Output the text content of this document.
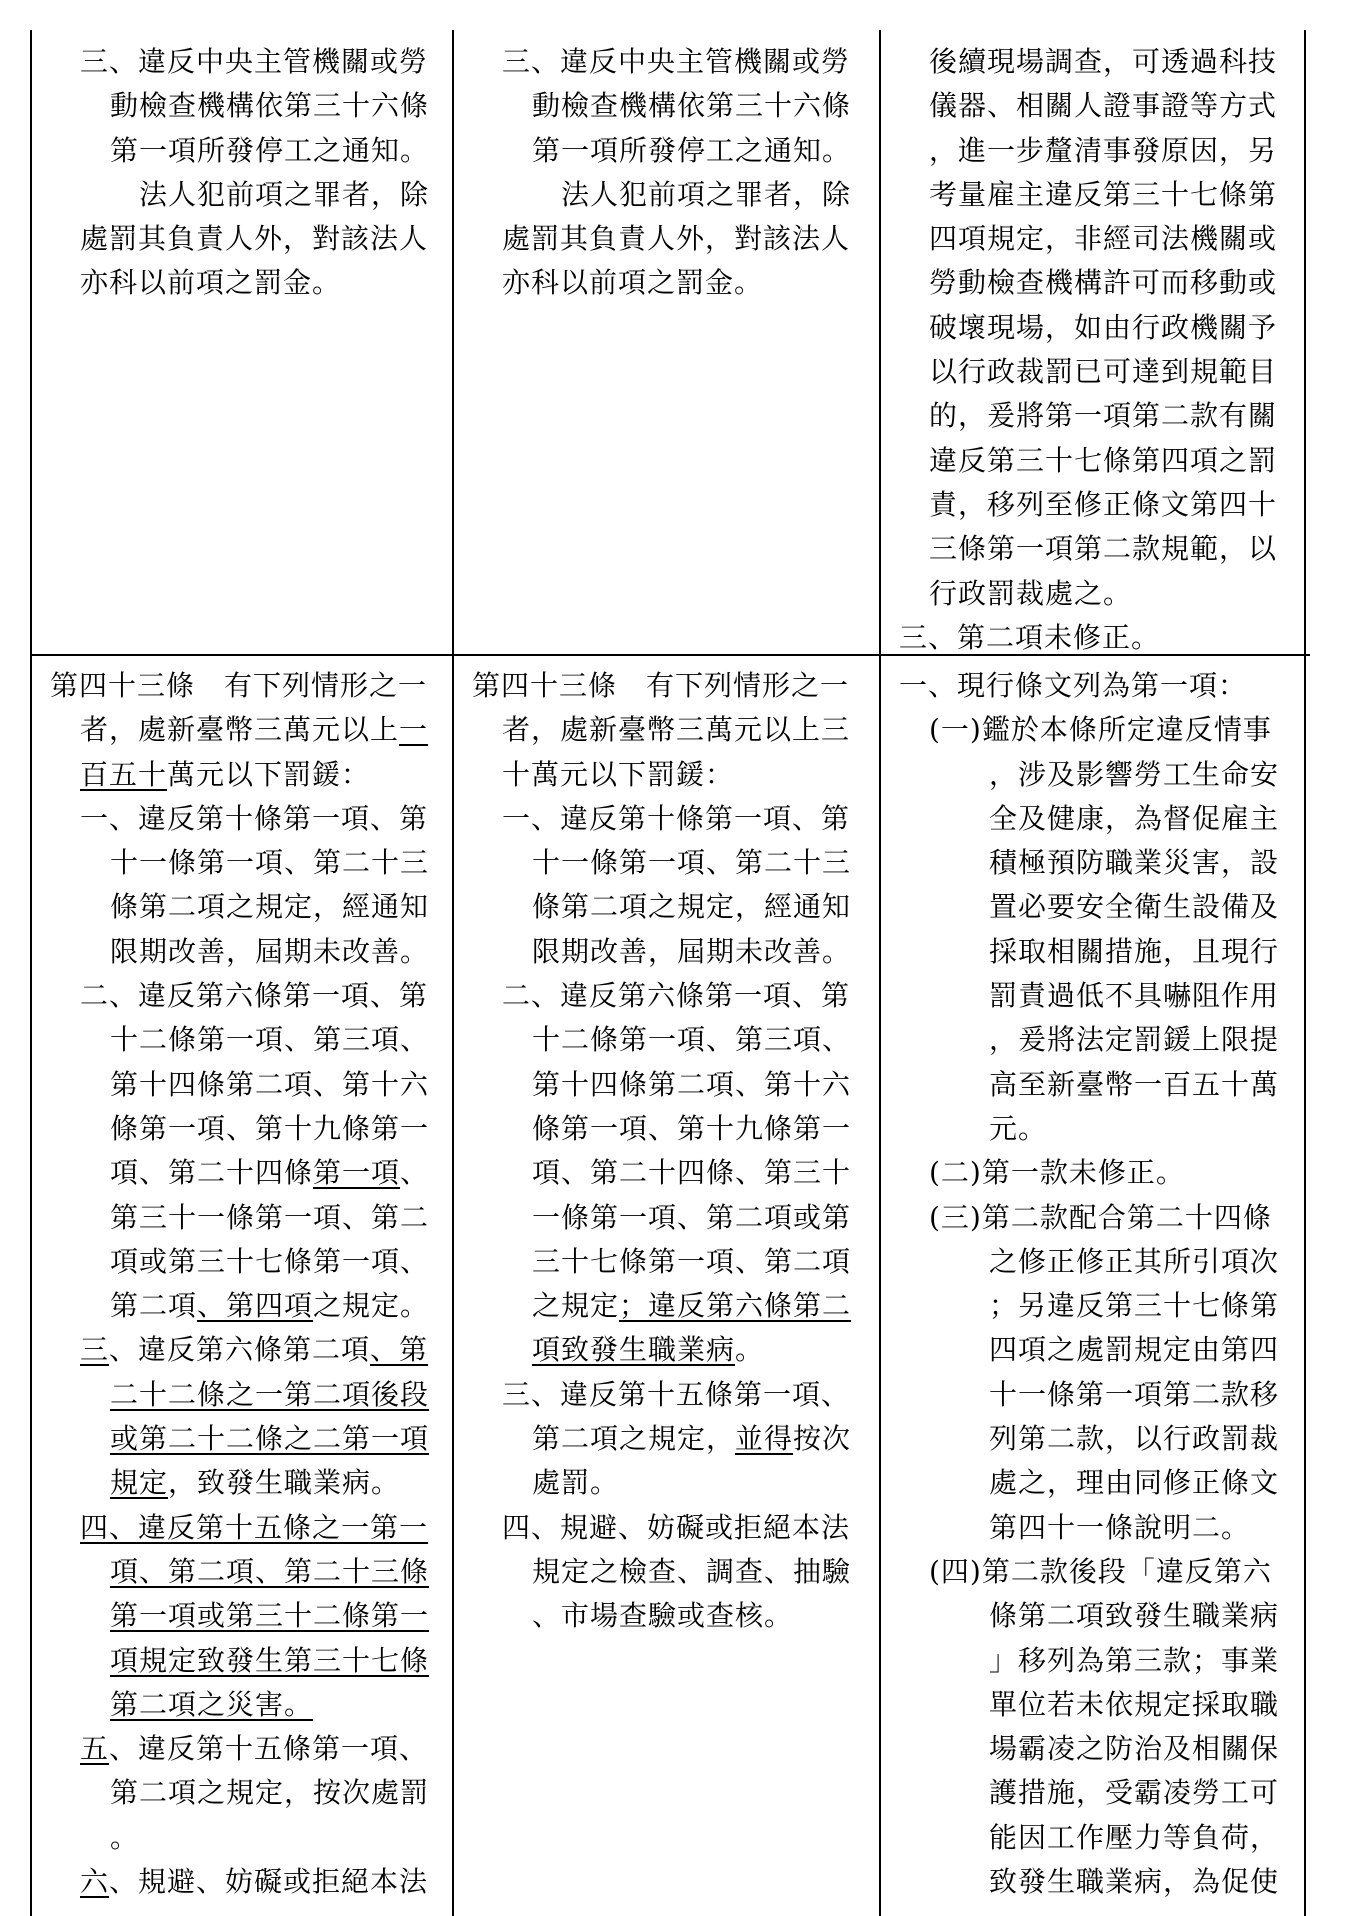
三、違反中央主管機關或勞
動檢查機構依第三十六條
第一項所發停工之通知。
　法人犯前項之罪者，除
處罰其負責人外，對該法人
亦科以前項之罰金。
三、違反中央主管機關或勞
動檢查機構依第三十六條
第一項所發停工之通知。
　法人犯前項之罪者，除
處罰其負責人外，對該法人
亦科以前項之罰金。
後續現場調查，可透過科技
儀器、相關人證事證等方式
，進一步釐清事發原因，另
考量雇主違反第三十七條第
四項規定，非經司法機關或
勞動檢查機構許可而移動或
破壞現場，如由行政機關予
以行政裁罰已可達到規範目
的，爰將第一項第二款有關
違反第三十七條第四項之罰
責，移列至修正條文第四十
三條第一項第二款規範，以
行政罰裁處之。
三、第二項未修正。
第四十三條　有下列情形之一
者，處新臺幣三萬元以上一
百五十萬元以下罰鍰：
一、違反第十條第一項、第
十一條第一項、第二十三
條第二項之規定，經通知
限期改善，屆期未改善。
二、違反第六條第一項、第
十二條第一項、第三項、
第十四條第二項、第十六
條第一項、第十九條第一
項、第二十四條第一項、
第三十一條第一項、第二
項或第三十七條第一項、
第二項、第四項之規定。
三、違反第六條第二項、第
二十二條之一第二項後段
或第二十二條之二第一項
規定，致發生職業病。
四、違反第十五條之一第一
項、第二項、第二十三條
第一項或第三十二條第一
項規定致發生第三十七條
第二項之災害。
五、違反第十五條第一項、
第二項之規定，按次處罰
。
六、規避、妨礙或拒絕本法
第四十三條　有下列情形之一
者，處新臺幣三萬元以上三
十萬元以下罰鍰：
一、違反第十條第一項、第
十一條第一項、第二十三
條第二項之規定，經通知
限期改善，屆期未改善。
二、違反第六條第一項、第
十二條第一項、第三項、
第十四條第二項、第十六
條第一項、第十九條第一
項、第二十四條、第三十
一條第一項、第二項或第
三十七條第一項、第二項
之規定；違反第六條第二
項致發生職業病。
三、違反第十五條第一項、
第二項之規定，並得按次
處罰。
四、規避、妨礙或拒絕本法
規定之檢查、調查、抽驗
、市場查驗或查核。
一、現行條文列為第一項：
(一)鑑於本條所定違反情事
，涉及影響勞工生命安
全及健康，為督促雇主
積極預防職業災害，設
置必要安全衛生設備及
採取相關措施，且現行
罰責過低不具嚇阻作用
，爰將法定罰鍰上限提
高至新臺幣一百五十萬
元。
(二)第一款未修正。
(三)第二款配合第二十四條
之修正修正其所引項次
；另違反第三十七條第
四項之處罰規定由第四
十一條第一項第二款移
列第二款，以行政罰裁
處之，理由同修正條文
第四十一條說明二。
(四)第二款後段「違反第六
條第二項致發生職業病
」移列為第三款；事業
單位若未依規定採取職
場霸凌之防治及相關保
護措施，受霸凌勞工可
能因工作壓力等負荷，
致發生職業病，為促使
